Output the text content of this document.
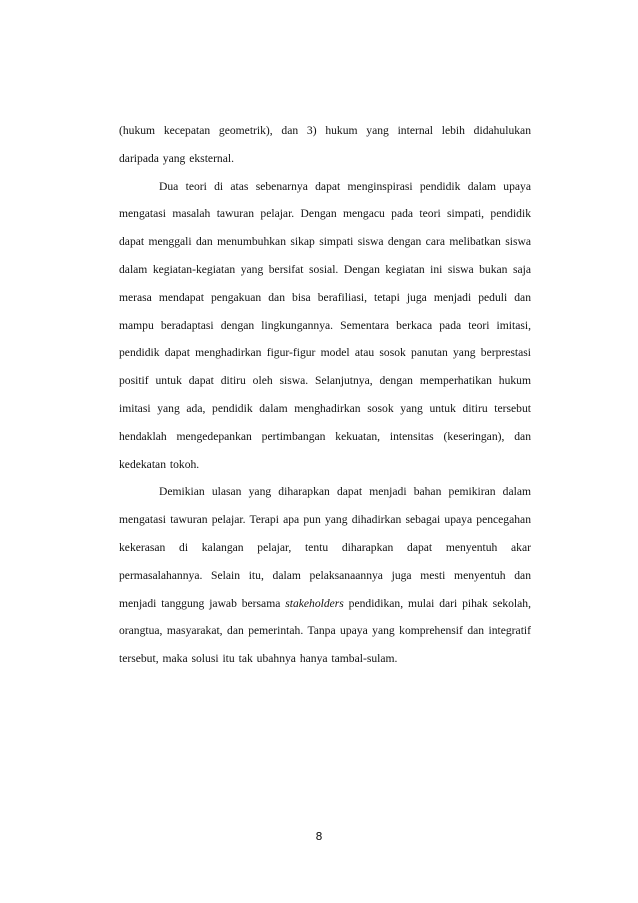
(hukum kecepatan geometrik), dan 3) hukum yang internal lebih didahulukan daripada yang eksternal.

Dua teori di atas sebenarnya dapat menginspirasi pendidik dalam upaya mengatasi masalah tawuran pelajar. Dengan mengacu pada teori simpati, pendidik dapat menggali dan menumbuhkan sikap simpati siswa dengan cara melibatkan siswa dalam kegiatan-kegiatan yang bersifat sosial. Dengan kegiatan ini siswa bukan saja merasa mendapat pengakuan dan bisa berafiliasi, tetapi juga menjadi peduli dan mampu beradaptasi dengan lingkungannya. Sementara berkaca pada teori imitasi, pendidik dapat menghadirkan figur-figur model atau sosok panutan yang berprestasi positif untuk dapat ditiru oleh siswa. Selanjutnya, dengan memperhatikan hukum imitasi yang ada, pendidik dalam menghadirkan sosok yang untuk ditiru tersebut hendaklah mengedepankan pertimbangan kekuatan, intensitas (keseringan), dan kedekatan tokoh.

Demikian ulasan yang diharapkan dapat menjadi bahan pemikiran dalam mengatasi tawuran pelajar. Terapi apa pun yang dihadirkan sebagai upaya pencegahan kekerasan di kalangan pelajar, tentu diharapkan dapat menyentuh akar permasalahannya. Selain itu, dalam pelaksanaannya juga mesti menyentuh dan menjadi tanggung jawab bersama stakeholders pendidikan, mulai dari pihak sekolah, orangtua, masyarakat, dan pemerintah. Tanpa upaya yang komprehensif dan integratif tersebut, maka solusi itu tak ubahnya hanya tambal-sulam.

8
